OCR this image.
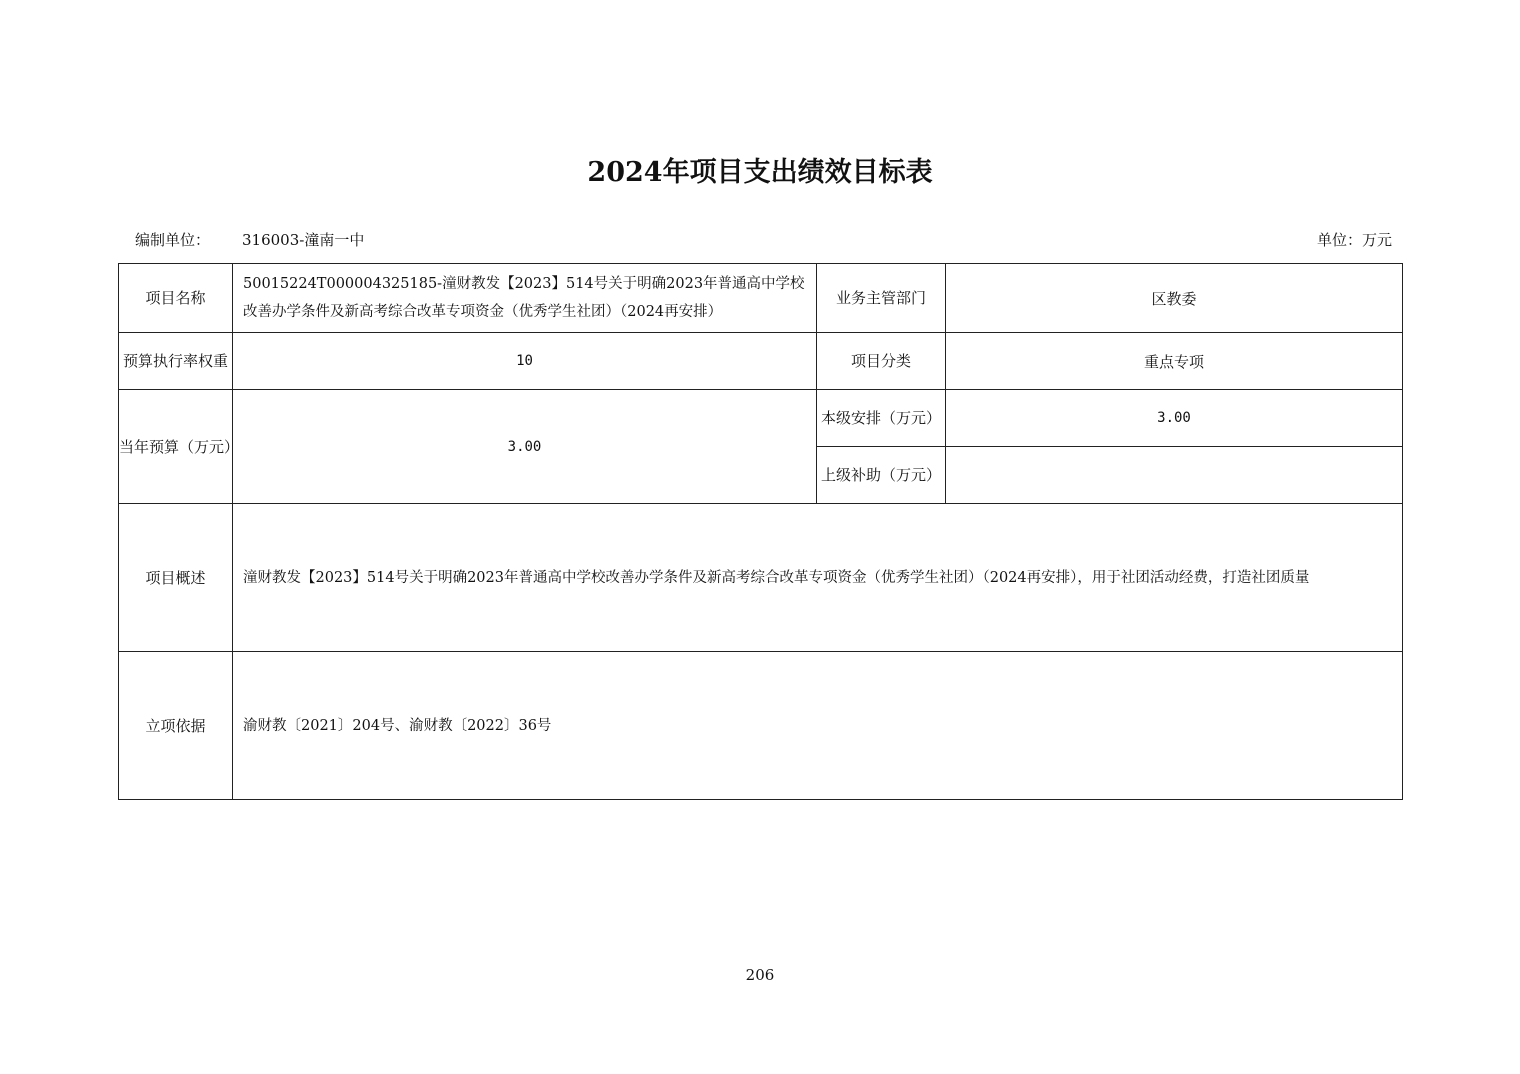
2024年项目支出绩效目标表
编制单位： 316003-潼南一中	单位：万元
项目名称	50015224T000004325185-潼财教发【2023】514号关于明确2023年普通高中学校改善办学条件及新高考综合改革专项资金（优秀学生社团）（2024再安排）	业务主管部门	区教委
预算执行率权重	10	项目分类	重点专项
当年预算（万元）	3.00	本级安排（万元）	3.00
		上级补助（万元）	
项目概述	潼财教发【2023】514号关于明确2023年普通高中学校改善办学条件及新高考综合改革专项资金（优秀学生社团）（2024再安排），用于社团活动经费，打造社团质量		
立项依据	渝财教〔2021〕204号、渝财教〔2022〕36号		
206
